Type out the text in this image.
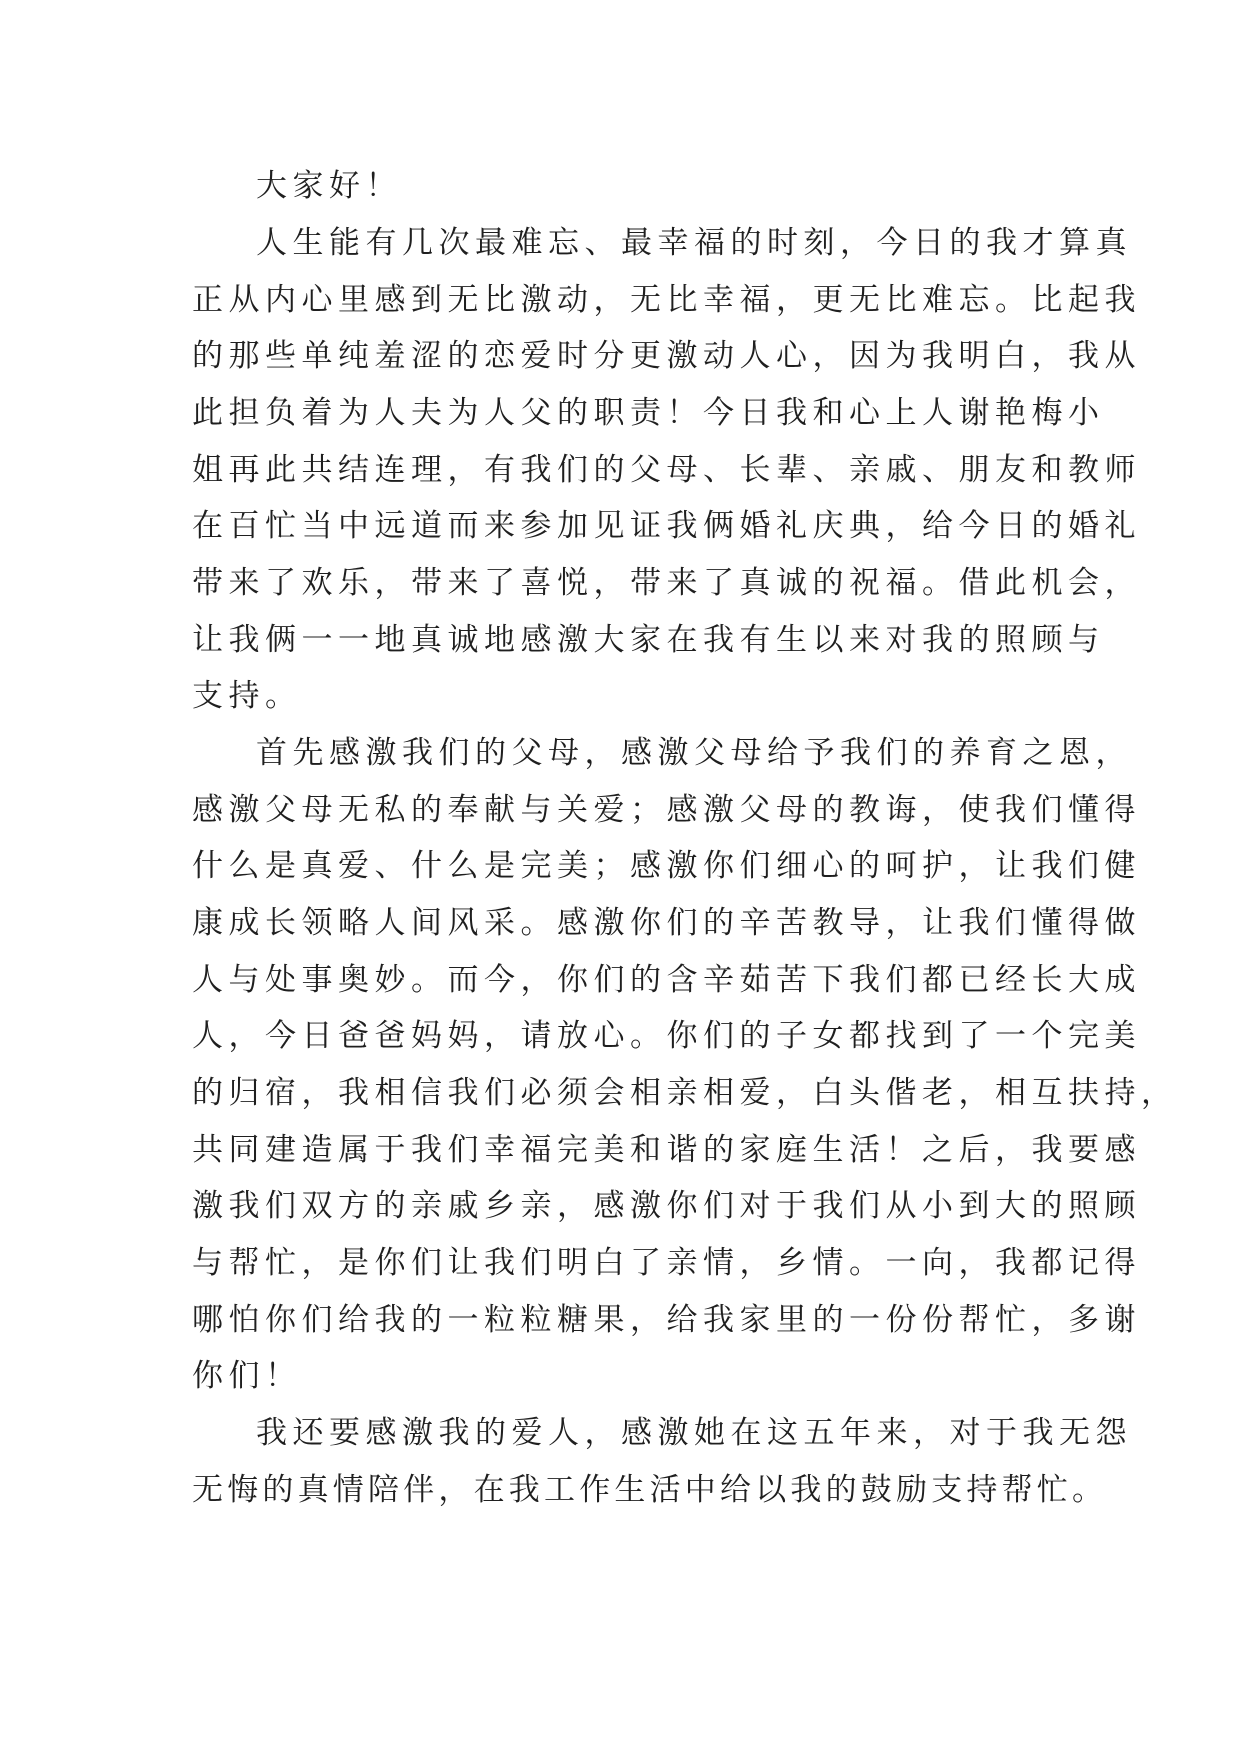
大家好！
人生能有几次最难忘、最幸福的时刻，今日的我才算真
正从内心里感到无比激动，无比幸福，更无比难忘。比起我
的那些单纯羞涩的恋爱时分更激动人心，因为我明白，我从
此担负着为人夫为人父的职责！今日我和心上人谢艳梅小
姐再此共结连理，有我们的父母、长辈、亲戚、朋友和教师
在百忙当中远道而来参加见证我俩婚礼庆典，给今日的婚礼
带来了欢乐，带来了喜悦，带来了真诚的祝福。借此机会，
让我俩一一地真诚地感激大家在我有生以来对我的照顾与
支持。
首先感激我们的父母，感激父母给予我们的养育之恩，
感激父母无私的奉献与关爱；感激父母的教诲，使我们懂得
什么是真爱、什么是完美；感激你们细心的呵护，让我们健
康成长领略人间风采。感激你们的辛苦教导，让我们懂得做
人与处事奥妙。而今，你们的含辛茹苦下我们都已经长大成
人，今日爸爸妈妈，请放心。你们的子女都找到了一个完美
的归宿，我相信我们必须会相亲相爱，白头偕老，相互扶持，
共同建造属于我们幸福完美和谐的家庭生活！之后，我要感
激我们双方的亲戚乡亲，感激你们对于我们从小到大的照顾
与帮忙，是你们让我们明白了亲情，乡情。一向，我都记得
哪怕你们给我的一粒粒糖果，给我家里的一份份帮忙，多谢
你们！
我还要感激我的爱人，感激她在这五年来，对于我无怨
无悔的真情陪伴，在我工作生活中给以我的鼓励支持帮忙。
